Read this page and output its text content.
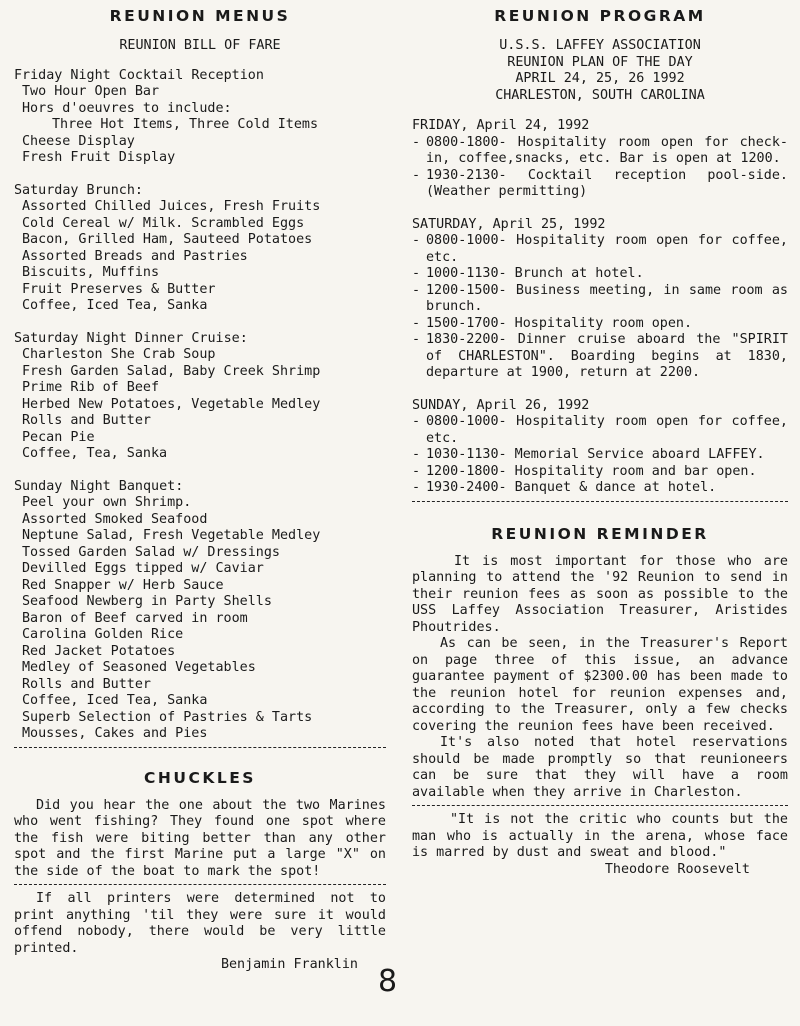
REUNION MENUS
REUNION BILL OF FARE
Friday Night Cocktail Reception
Two Hour Open Bar
Hors d'oeuvres to include:
Three Hot Items, Three Cold Items
Cheese Display
Fresh Fruit Display
Saturday Brunch:
Assorted Chilled Juices, Fresh Fruits
Cold Cereal w/ Milk. Scrambled Eggs
Bacon, Grilled Ham, Sauteed Potatoes
Assorted Breads and Pastries
Biscuits, Muffins
Fruit Preserves & Butter
Coffee, Iced Tea, Sanka
Saturday Night Dinner Cruise:
Charleston She Crab Soup
Fresh Garden Salad, Baby Creek Shrimp
Prime Rib of Beef
Herbed New Potatoes, Vegetable Medley
Rolls and Butter
Pecan Pie
Coffee, Tea, Sanka
Sunday Night Banquet:
Peel your own Shrimp.
Assorted Smoked Seafood
Neptune Salad, Fresh Vegetable Medley
Tossed Garden Salad w/ Dressings
Devilled Eggs tipped w/ Caviar
Red Snapper w/ Herb Sauce
Seafood Newberg in Party Shells
Baron of Beef carved in room
Carolina Golden Rice
Red Jacket Potatoes
Medley of Seasoned Vegetables
Rolls and Butter
Coffee, Iced Tea, Sanka
Superb Selection of Pastries & Tarts
Mousses, Cakes and Pies
CHUCKLES
Did you hear the one about the two Marines who went fishing? They found one spot where the fish were biting better than any other spot and the first Marine put a large "X" on the side of the boat to mark the spot!
If all printers were determined not to print anything 'til they were sure it would offend nobody, there would be very little printed.
Benjamin Franklin
REUNION PROGRAM
U.S.S. LAFFEY ASSOCIATION
REUNION PLAN OF THE DAY
APRIL 24, 25, 26 1992
CHARLESTON, SOUTH CAROLINA
FRIDAY, April 24, 1992
- 0800-1800- Hospitality room open for check-in, coffee,snacks, etc. Bar is open at 1200.
- 1930-2130- Cocktail reception pool-side. (Weather permitting)
SATURDAY, April 25, 1992
- 0800-1000- Hospitality room open for coffee, etc.
- 1000-1130- Brunch at hotel.
- 1200-1500- Business meeting, in same room as brunch.
- 1500-1700- Hospitality room open.
- 1830-2200- Dinner cruise aboard the "SPIRIT of CHARLESTON". Boarding begins at 1830, departure at 1900, return at 2200.
SUNDAY, April 26, 1992
- 0800-1000- Hospitality room open for coffee, etc.
- 1030-1130- Memorial Service aboard LAFFEY.
- 1200-1800- Hospitality room and bar open.
- 1930-2400- Banquet & dance at hotel.
REUNION REMINDER
It is most important for those who are planning to attend the '92 Reunion to send in their reunion fees as soon as possible to the USS Laffey Association Treasurer, Aristides Phoutrides.
As can be seen, in the Treasurer's Report on page three of this issue, an advance guarantee payment of $2300.00 has been made to the reunion hotel for reunion expenses and, according to the Treasurer, only a few checks covering the reunion fees have been received.
It's also noted that hotel reservations should be made promptly so that reunioneers can be sure that they will have a room available when they arrive in Charleston.
"It is not the critic who counts but the man who is actually in the arena, whose face is marred by dust and sweat and blood."
Theodore Roosevelt
8
